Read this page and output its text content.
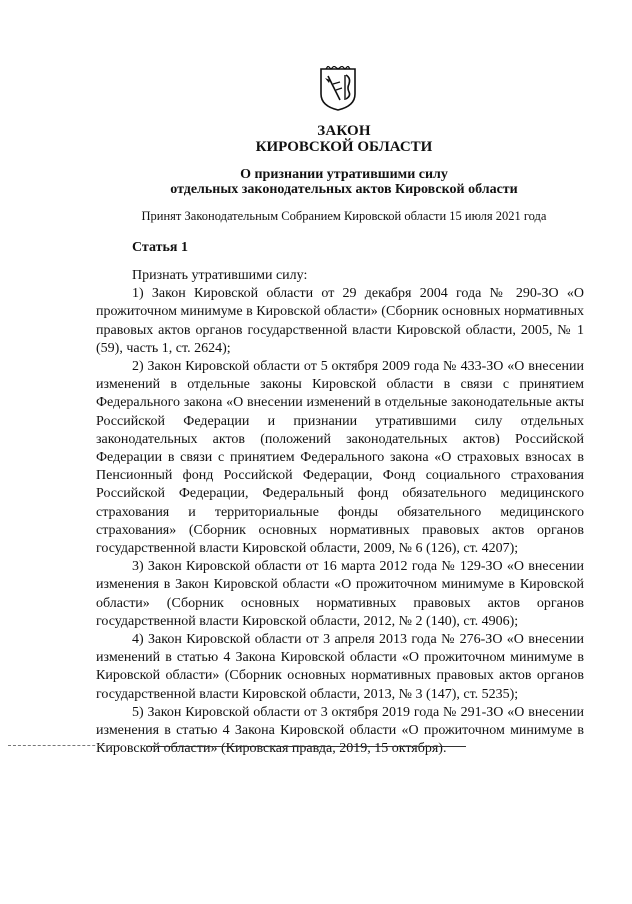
ЗАКОН
КИРОВСКОЙ ОБЛАСТИ
О признании утратившими силу
отдельных законодательных актов Кировской области
Принят Законодательным Собранием Кировской области 15 июля 2021 года
Статья 1

Признать утратившими силу:

1) Закон Кировской области от 29 декабря 2004 года № 290-ЗО «О прожиточном минимуме в Кировской области» (Сборник основных нормативных правовых актов органов государственной власти Кировской области, 2005, № 1 (59), часть 1, ст. 2624);

2) Закон Кировской области от 5 октября 2009 года № 433-ЗО «О внесении изменений в отдельные законы Кировской области в связи с принятием Федерального закона «О внесении изменений в отдельные законодательные акты Российской Федерации и признании утратившими силу отдельных законодательных актов (положений законодательных актов) Российской Федерации в связи с принятием Федерального закона «О страховых взносах в Пенсионный фонд Российской Федерации, Фонд социального страхования Российской Федерации, Федеральный фонд обязательного медицинского страхования и территориальные фонды обязательного медицинского страхования» (Сборник основных нормативных правовых актов органов государственной власти Кировской области, 2009, № 6 (126), ст. 4207);

3) Закон Кировской области от 16 марта 2012 года № 129-ЗО «О внесении изменения в Закон Кировской области «О прожиточном минимуме в Кировской области» (Сборник основных нормативных правовых актов органов государственной власти Кировской области, 2012, № 2 (140), ст. 4906);

4) Закон Кировской области от 3 апреля 2013 года № 276-ЗО «О внесении изменений в статью 4 Закона Кировской области «О прожиточном минимуме в Кировской области» (Сборник основных нормативных правовых актов органов государственной власти Кировской области, 2013, № 3 (147), ст. 5235);

5) Закон Кировской области от 3 октября 2019 года № 291-ЗО «О внесении изменения в статью 4 Закона Кировской области «О прожиточном минимуме в Кировской области» (Кировская правда, 2019, 15 октября).
